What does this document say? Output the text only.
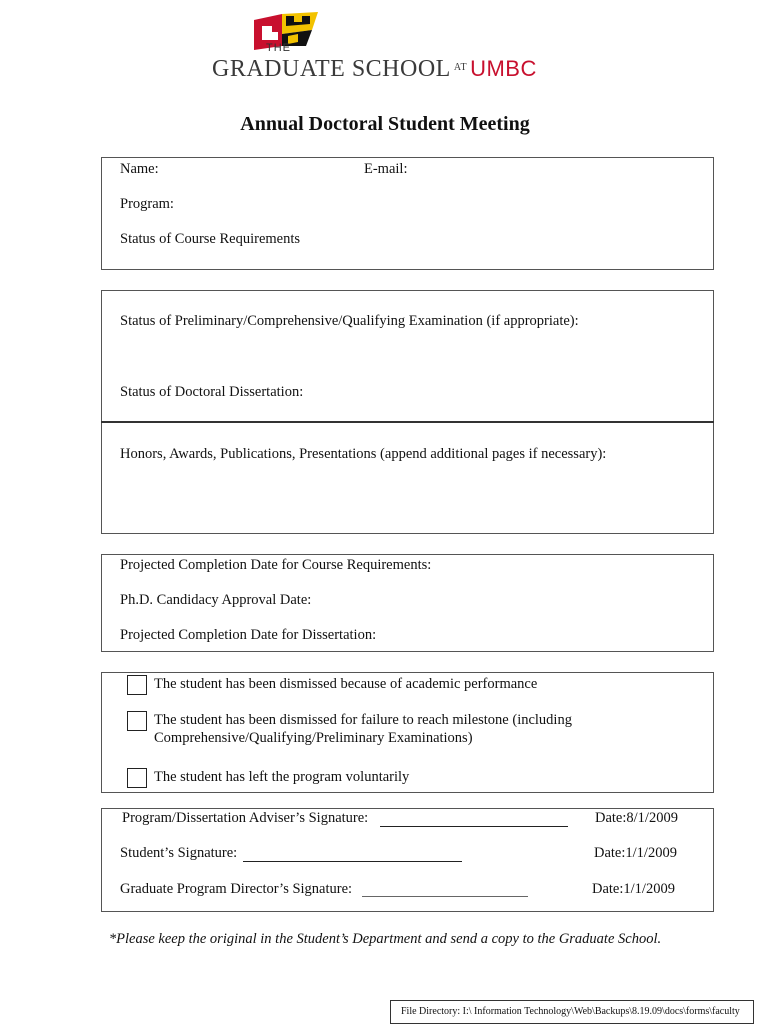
THE
GRADUATE SCHOOL $^{AT}$ UMBC
Annual Doctoral Student Meeting
Name:	E-mail:
Program:
Status of Course Requirements
Status of Preliminary/Comprehensive/Qualifying Examination (if appropriate):
Status of Doctoral Dissertation:
Honors, Awards, Publications, Presentations (append additional pages if necessary):
Projected Completion Date for Course Requirements:
Ph.D. Candidacy Approval Date:
Projected Completion Date for Dissertation:
The student has been dismissed because of academic performance
The student has been dismissed for failure to reach milestone (including
Comprehensive/Qualifying/Preliminary Examinations)
The student has left the program voluntarily
Program/Dissertation Adviser’s Signature:	Date:8/1/2009
Student’s Signature:	Date:1/1/2009
Graduate Program Director’s Signature:	Date:1/1/2009
*Please keep the original in the Student’s Department and send a copy to the Graduate School.
File Directory: I:\ Information Technology\Web\Backups\8.19.09\docs\forms\faculty
